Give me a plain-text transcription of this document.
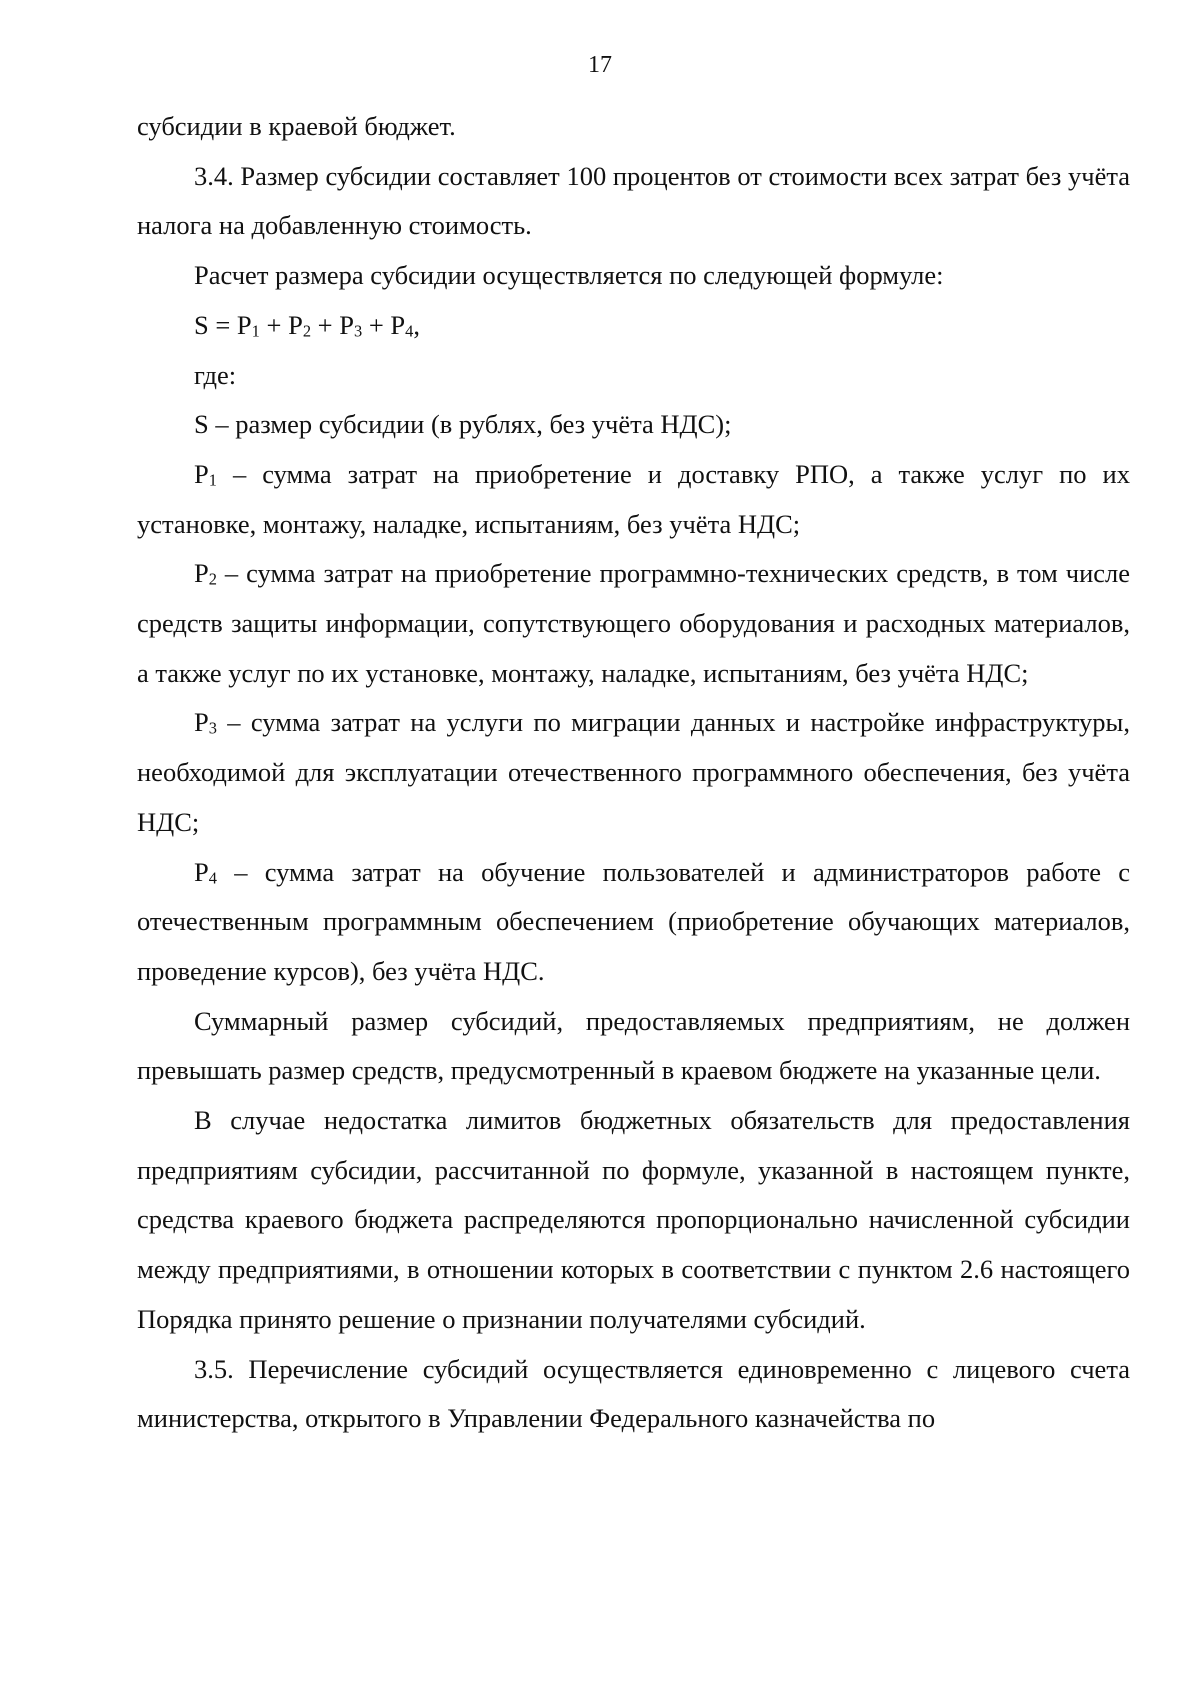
17

субсидии в краевой бюджет.

3.4. Размер субсидии составляет 100 процентов от стоимости всех затрат без учёта налога на добавленную стоимость.

Расчет размера субсидии осуществляется по следующей формуле:

$S = P_1 + P_2 + P_3 + P_4$,

где:

S – размер субсидии (в рублях, без учёта НДС);

$P_1$ – сумма затрат на приобретение и доставку РПО, а также услуг по их установке, монтажу, наладке, испытаниям, без учёта НДС;

$P_2$ – сумма затрат на приобретение программно-технических средств, в том числе средств защиты информации, сопутствующего оборудования и расходных материалов, а также услуг по их установке, монтажу, наладке, испытаниям, без учёта НДС;

$P_3$ – сумма затрат на услуги по миграции данных и настройке инфраструктуры, необходимой для эксплуатации отечественного программного обеспечения, без учёта НДС;

$P_4$ – сумма затрат на обучение пользователей и администраторов работе с отечественным программным обеспечением (приобретение обучающих материалов, проведение курсов), без учёта НДС.

Суммарный размер субсидий, предоставляемых предприятиям, не должен превышать размер средств, предусмотренный в краевом бюджете на указанные цели.

В случае недостатка лимитов бюджетных обязательств для предоставления предприятиям субсидии, рассчитанной по формуле, указанной в настоящем пункте, средства краевого бюджета распределяются пропорционально начисленной субсидии между предприятиями, в отношении которых в соответствии с пунктом 2.6 настоящего Порядка принято решение о признании получателями субсидий.

3.5. Перечисление субсидий осуществляется единовременно с лицевого счета министерства, открытого в Управлении Федерального казначейства по
